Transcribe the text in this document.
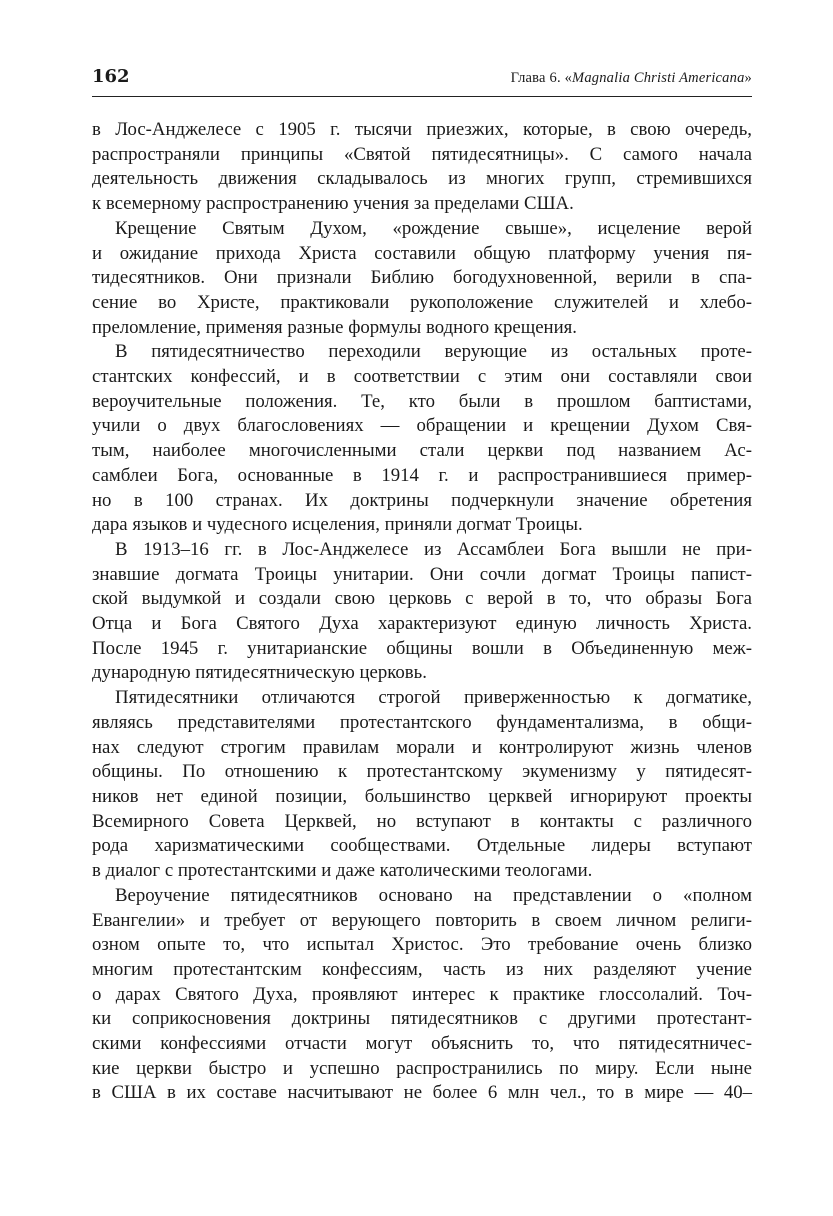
162	Глава 6. «Magnalia Christi Americana»
в Лос-Анджелесе с 1905 г. тысячи приезжих, которые, в свою очередь,
распространяли принципы «Святой пятидесятницы». С самого начала
деятельность движения складывалось из многих групп, стремившихся
к всемерному распространению учения за пределами США.
Крещение Святым Духом, «рождение свыше», исцеление верой
и ожидание прихода Христа составили общую платформу учения пя-
тидесятников. Они признали Библию богодухновенной, верили в спа-
сение во Христе, практиковали рукоположение служителей и хлебо-
преломление, применяя разные формулы водного крещения.
В пятидесятничество переходили верующие из остальных проте-
стантских конфессий, и в соответствии с этим они составляли свои
вероучительные положения. Те, кто были в прошлом баптистами,
учили о двух благословениях — обращении и крещении Духом Свя-
тым, наиболее многочисленными стали церкви под названием Ас-
самблеи Бога, основанные в 1914 г. и распространившиеся пример-
но в 100 странах. Их доктрины подчеркнули значение обретения
дара языков и чудесного исцеления, приняли догмат Троицы.
В 1913–16 гг. в Лос-Анджелесе из Ассамблеи Бога вышли не при-
знавшие догмата Троицы унитарии. Они сочли догмат Троицы папист-
ской выдумкой и создали свою церковь с верой в то, что образы Бога
Отца и Бога Святого Духа характеризуют единую личность Христа.
После 1945 г. унитарианские общины вошли в Объединенную меж-
дународную пятидесятническую церковь.
Пятидесятники отличаются строгой приверженностью к догматике,
являясь представителями протестантского фундаментализма, в общи-
нах следуют строгим правилам морали и контролируют жизнь членов
общины. По отношению к протестантскому экуменизму у пятидесят-
ников нет единой позиции, большинство церквей игнорируют проекты
Всемирного Совета Церквей, но вступают в контакты с различного
рода харизматическими сообществами. Отдельные лидеры вступают
в диалог с протестантскими и даже католическими теологами.
Вероучение пятидесятников основано на представлении о «полном
Евангелии» и требует от верующего повторить в своем личном религи-
озном опыте то, что испытал Христос. Это требование очень близко
многим протестантским конфессиям, часть из них разделяют учение
о дарах Святого Духа, проявляют интерес к практике глоссолалий. Точ-
ки соприкосновения доктрины пятидесятников с другими протестант-
скими конфессиями отчасти могут объяснить то, что пятидесятничес-
кие церкви быстро и успешно распространились по миру. Если ныне
в США в их составе насчитывают не более 6 млн чел., то в мире — 40–
